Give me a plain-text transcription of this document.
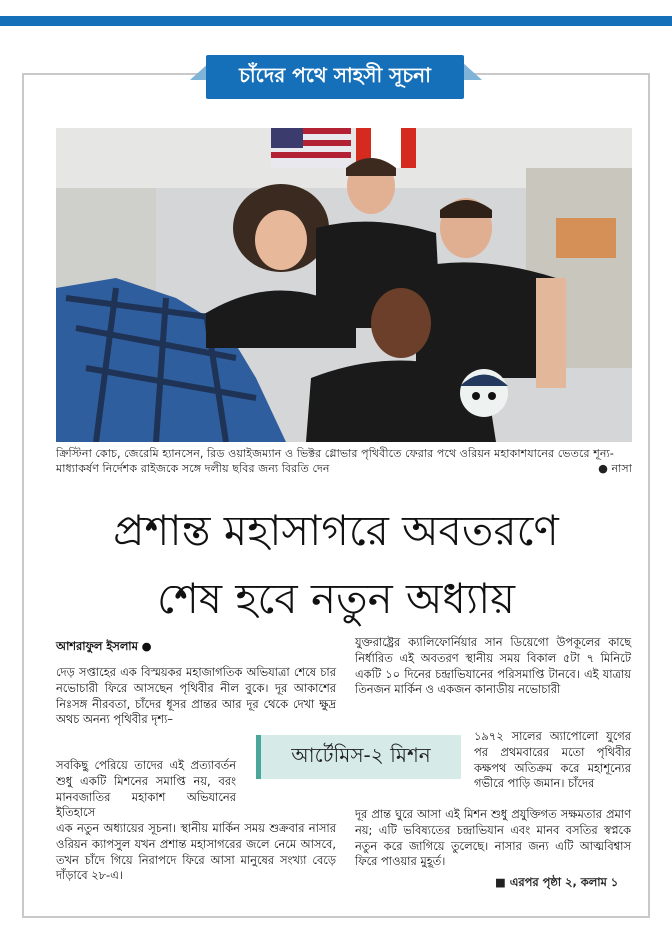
চাঁদের পথে সাহসী সূচনা
ক্রিস্টিনা কোচ, জেরেমি হ্যানসেন, রিড ওয়াইজম্যান ও ভিক্টর গ্লোভার পৃথিবীতে ফেরার পথে ওরিয়ন মহাকাশযানের ভেতরে শূন্য-মাধ্যাকর্ষণ নির্দেশক রাইজকে সঙ্গে দলীয় ছবির জন্য বিরতি দেন	● নাসা
প্রশান্ত মহাসাগরে অবতরণে
শেষ হবে নতুন অধ্যায়
আশরাফুল ইসলাম ●

দেড় সপ্তাহের এক বিস্ময়কর মহাজাগতিক অভিযাত্রা শেষে চার নভোচারী ফিরে আসছেন পৃথিবীর নীল বুকে। দূর আকাশের নিঃসঙ্গ নীরবতা, চাঁদের ধূসর প্রান্তর আর দূর থেকে দেখা ক্ষুদ্র অথচ অনন্য পৃথিবীর দৃশ্য–

সবকিছু পেরিয়ে তাদের এই প্রত্যাবর্তন শুধু একটি মিশনের সমাপ্তি নয়, বরং মানবজাতির মহাকাশ অভিযানের ইতিহাসে

এক নতুন অধ্যায়ের সূচনা। স্থানীয় মার্কিন সময় শুক্রবার নাসার ওরিয়ন ক্যাপসুল যখন প্রশান্ত মহাসাগরের জলে নেমে আসবে, তখন চাঁদে গিয়ে নিরাপদে ফিরে আসা মানুষের সংখ্যা বেড়ে দাঁড়াবে ২৮-এ।

যুক্তরাষ্ট্রের ক্যালিফোর্নিয়ার সান ডিয়েগো উপকূলের কাছে নির্ধারিত এই অবতরণ স্থানীয় সময় বিকাল ৫টা ৭ মিনিটে একটি ১০ দিনের চন্দ্রাভিযানের পরিসমাপ্তি টানবে। এই যাত্রায় তিনজন মার্কিন ও একজন কানাডীয় নভোচারী

১৯৭২ সালের অ্যাপোলো যুগের পর প্রথমবারের মতো পৃথিবীর কক্ষপথ অতিক্রম করে মহাশূন্যের গভীরে পাড়ি জমান। চাঁদের

দূর প্রান্ত ঘুরে আসা এই মিশন শুধু প্রযুক্তিগত সক্ষমতার প্রমাণ নয়; এটি ভবিষ্যতের চন্দ্রাভিযান এবং মানব বসতির স্বপ্নকে নতুন করে জাগিয়ে তুলেছে। নাসার জন্য এটি আত্মবিশ্বাস ফিরে পাওয়ার মুহূর্ত।

আর্টেমিস-২ মিশন
■ এরপর পৃষ্ঠা ২, কলাম ১
